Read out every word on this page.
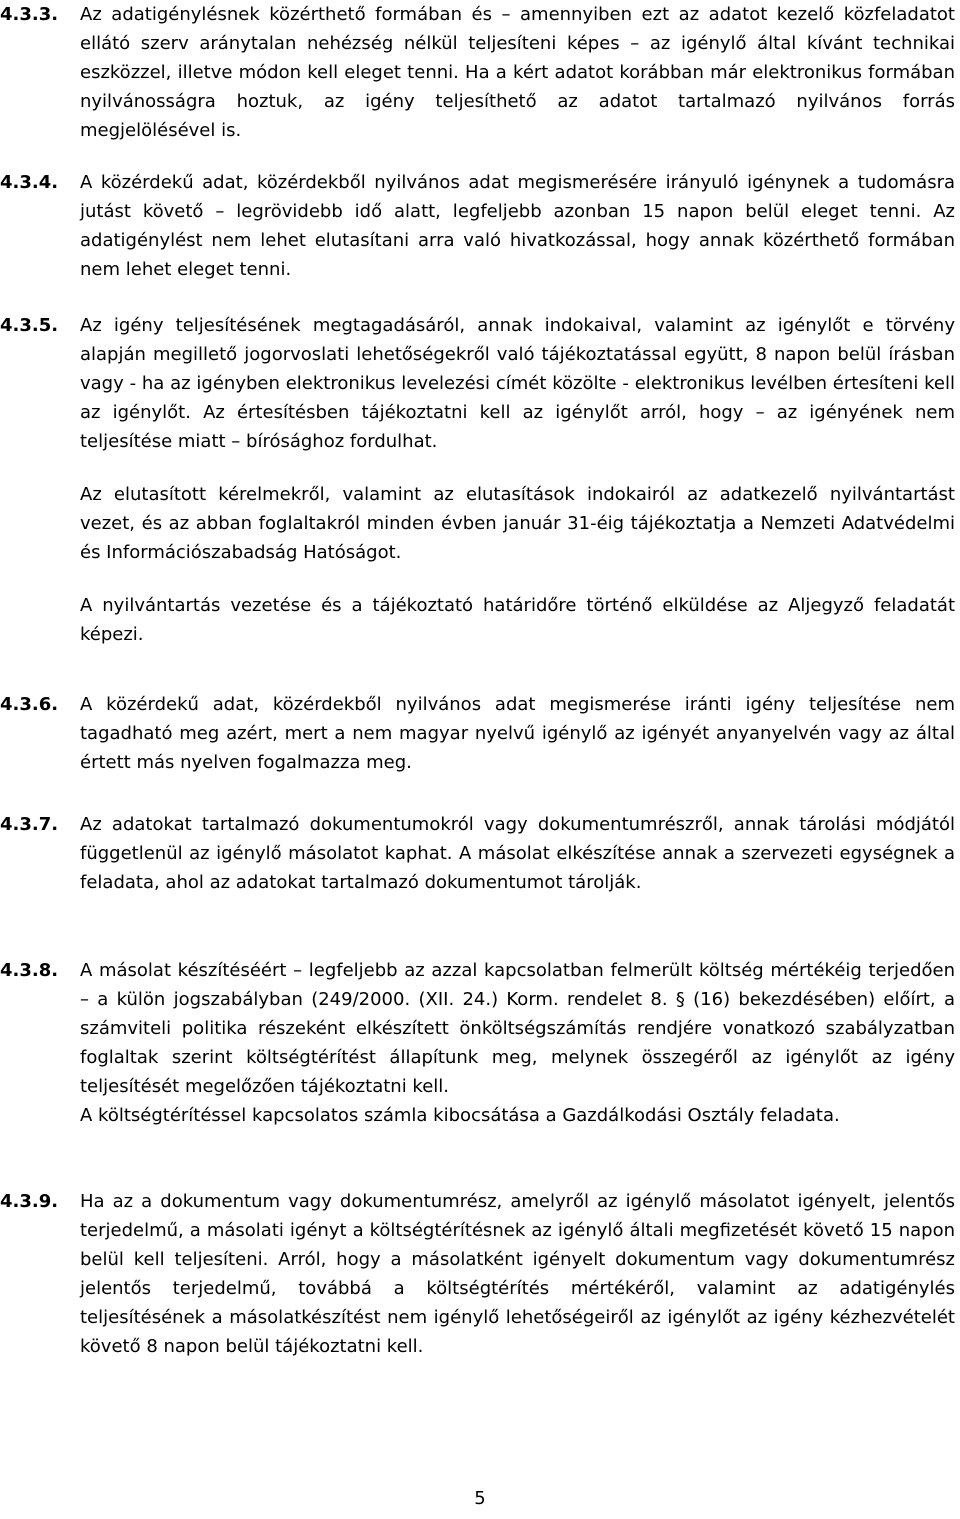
4.3.3. Az adatigénylésnek közérthető formában és – amennyiben ezt az adatot kezelő közfeladatot ellátó szerv aránytalan nehézség nélkül teljesíteni képes – az igénylő által kívánt technikai eszközzel, illetve módon kell eleget tenni. Ha a kért adatot korábban már elektronikus formában nyilvánosságra hoztuk, az igény teljesíthető az adatot tartalmazó nyilvános forrás megjelölésével is.

4.3.4. A közérdekű adat, közérdekből nyilvános adat megismerésére irányuló igénynek a tudomásra jutást követő – legrövidebb idő alatt, legfeljebb azonban 15 napon belül eleget tenni. Az adatigénylést nem lehet elutasítani arra való hivatkozással, hogy annak közérthető formában nem lehet eleget tenni.

4.3.5. Az igény teljesítésének megtagadásáról, annak indokaival, valamint az igénylőt e törvény alapján megillető jogorvoslati lehetőségekről való tájékoztatással együtt, 8 napon belül írásban vagy - ha az igényben elektronikus levelezési címét közölte - elektronikus levélben értesíteni kell az igénylőt. Az értesítésben tájékoztatni kell az igénylőt arról, hogy – az igényének nem teljesítése miatt – bírósághoz fordulhat.

Az elutasított kérelmekről, valamint az elutasítások indokairól az adatkezelő nyilvántartást vezet, és az abban foglaltakról minden évben január 31-éig tájékoztatja a Nemzeti Adatvédelmi és Információszabadság Hatóságot.

A nyilvántartás vezetése és a tájékoztató határidőre történő elküldése az Aljegyző feladatát képezi.

4.3.6. A közérdekű adat, közérdekből nyilvános adat megismerése iránti igény teljesítése nem tagadható meg azért, mert a nem magyar nyelvű igénylő az igényét anyanyelvén vagy az által értett más nyelven fogalmazza meg.

4.3.7. Az adatokat tartalmazó dokumentumokról vagy dokumentumrészről, annak tárolási módjától függetlenül az igénylő másolatot kaphat. A másolat elkészítése annak a szervezeti egységnek a feladata, ahol az adatokat tartalmazó dokumentumot tárolják.

4.3.8. A másolat készítéséért – legfeljebb az azzal kapcsolatban felmerült költség mértékéig terjedően – a külön jogszabályban (249/2000. (XII. 24.) Korm. rendelet 8. § (16) bekezdésében) előírt, a számviteli politika részeként elkészített önköltségszámítás rendjére vonatkozó szabályzatban foglaltak szerint költségtérítést állapítunk meg, melynek összegéről az igénylőt az igény teljesítését megelőzően tájékoztatni kell.

A költségtérítéssel kapcsolatos számla kibocsátása a Gazdálkodási Osztály feladata.

4.3.9. Ha az a dokumentum vagy dokumentumrész, amelyről az igénylő másolatot igényelt, jelentős terjedelmű, a másolati igényt a költségtérítésnek az igénylő általi megfizetését követő 15 napon belül kell teljesíteni. Arról, hogy a másolatként igényelt dokumentum vagy dokumentumrész jelentős terjedelmű, továbbá a költségtérítés mértékéről, valamint az adatigénylés teljesítésének a másolatkészítést nem igénylő lehetőségeiről az igénylőt az igény kézhezvételét követő 8 napon belül tájékoztatni kell.

5
